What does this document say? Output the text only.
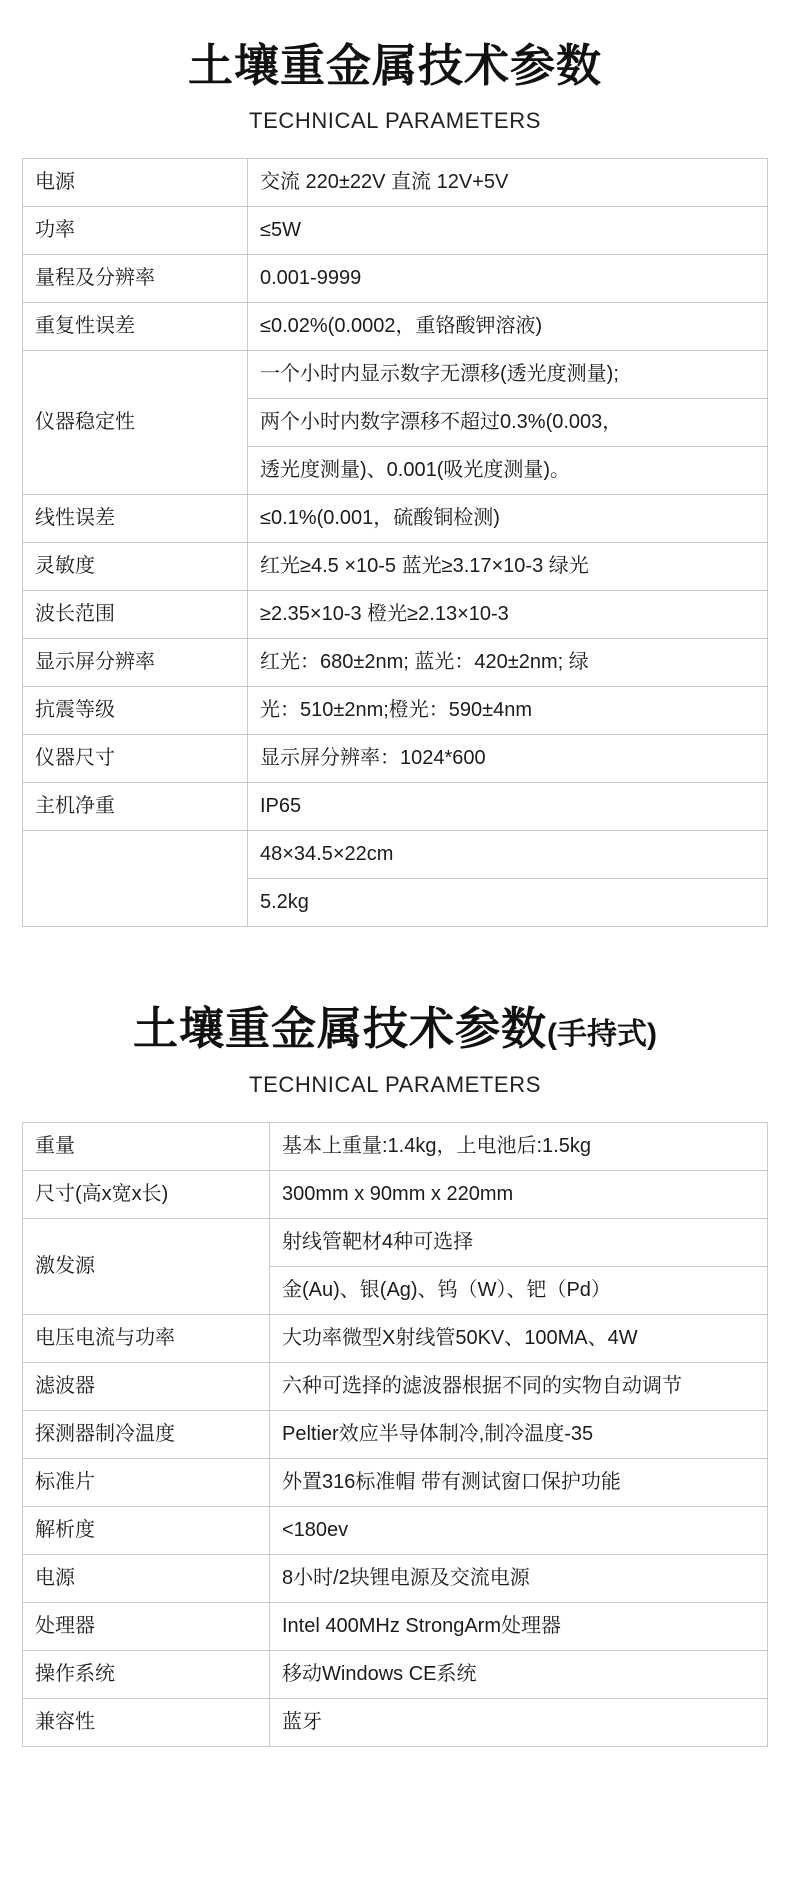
土壤重金属技术参数
TECHNICAL PARAMETERS
电源	交流 220±22V 直流 12V+5V
功率	≤5W
量程及分辨率	0.001-9999
重复性误差	≤0.02%(0.0002，重铬酸钾溶液)
仪器稳定性	一个小时内显示数字无漂移(透光度测量);
	两个小时内数字漂移不超过0.3%(0.003，
	透光度测量)、0.001(吸光度测量)。
线性误差	≤0.1%(0.001，硫酸铜检测)
灵敏度	红光≥4.5 ×10-5 蓝光≥3.17×10-3 绿光
波长范围	≥2.35×10-3 橙光≥2.13×10-3
显示屏分辨率	红光：680±2nm; 蓝光：420±2nm; 绿
抗震等级	光：510±2nm;橙光：590±4nm
仪器尺寸	显示屏分辨率：1024*600
主机净重	IP65
	48×34.5×22cm
	5.2kg
土壤重金属技术参数(手持式)
TECHNICAL PARAMETERS
重量	基本上重量:1.4kg，上电池后:1.5kg
尺寸(高x宽x长)	300mm x 90mm x 220mm
激发源	射线管靶材4种可选择
	金(Au)、银(Ag)、钨（W）、钯（Pd）
电压电流与功率	大功率微型X射线管50KV、100MA、4W
滤波器	六种可选择的滤波器根据不同的实物自动调节
探测器制冷温度	Peltier效应半导体制冷,制冷温度-35
标准片	外置316标准帽 带有测试窗口保护功能
解析度	<180ev
电源	8小时/2块锂电源及交流电源
处理器	Intel 400MHz StrongArm处理器
操作系统	移动Windows CE系统
兼容性	蓝牙
